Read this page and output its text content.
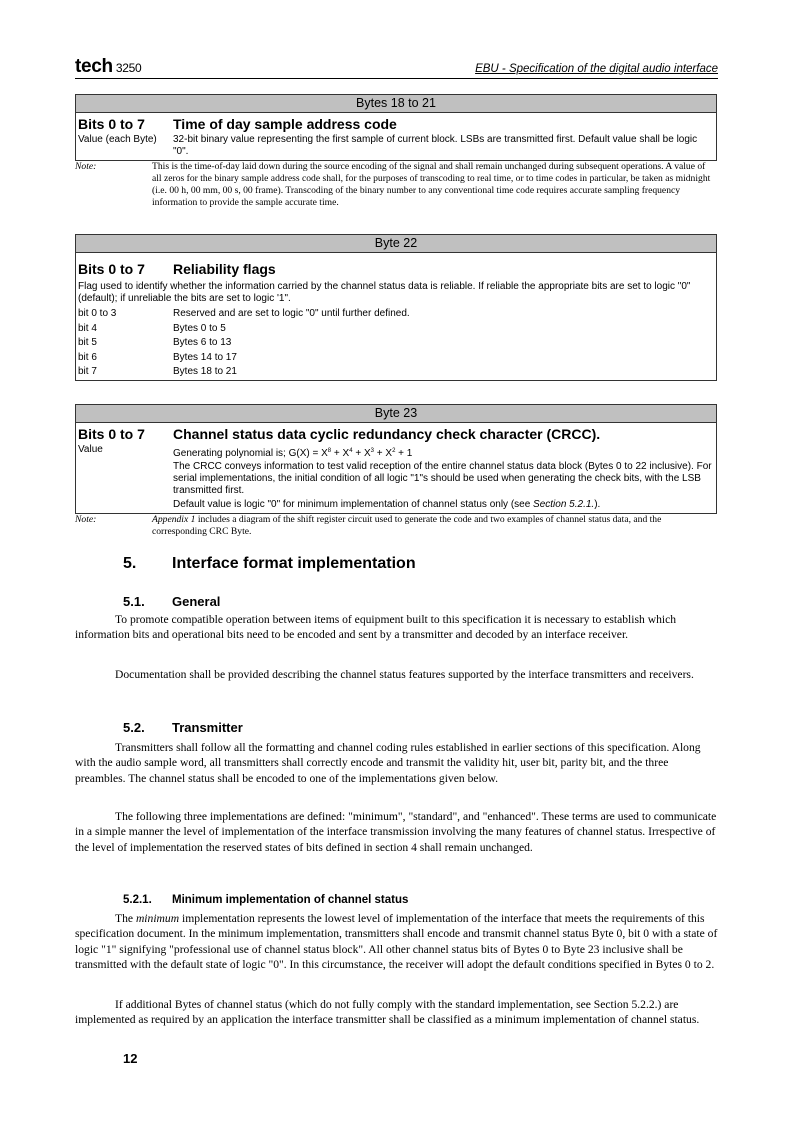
tech 3250	EBU - Specification of the digital audio interface
Bytes 18 to 21
Bits 0 to 7	Time of day sample address code
Value (each Byte)	32-bit binary value representing the first sample of current block. LSBs are transmitted first. Default value shall be logic "0".
Note:	This is the time-of-day laid down during the source encoding of the signal and shall remain unchanged during subsequent operations. A value of all zeros for the binary sample address code shall, for the purposes of transcoding to real time, or to time codes in particular, be taken as midnight (i.e. 00 h, 00 mm, 00 s, 00 frame). Transcoding of the binary number to any conventional time code requires accurate sampling frequency information to provide the sample accurate time.
Byte 22
Bits 0 to 7	Reliability flags
Flag used to identify whether the information carried by the channel status data is reliable. If reliable the appropriate bits are set to logic "0" (default); if unreliable the bits are set to logic '1".
bit 0 to 3	Reserved and are set to logic "0" until further defined.
bit 4	Bytes 0 to 5
bit 5	Bytes 6 to 13
bit 6	Bytes 14 to 17
bit 7	Bytes 18 to 21
Byte 23
Bits 0 to 7	Channel status data cyclic redundancy check character (CRCC).
Value	Generating polynomial is; $G(X) = X^8 + X^4 + X^3 + X^2 + 1$
The CRCC conveys information to test valid reception of the entire channel status data block (Bytes 0 to 22 inclusive). For serial implementations, the initial condition of all logic "1"s should be used when generating the check bits, with the LSB transmitted first.
Default value is logic "0" for minimum implementation of channel status only (see Section 5.2.1.).
Note:	Appendix 1 includes a diagram of the shift register circuit used to generate the code and two examples of channel status data, and the corresponding CRC Byte.
5. Interface format implementation
5.1. General
To promote compatible operation between items of equipment built to this specification it is necessary to establish which information bits and operational bits need to be encoded and sent by a transmitter and decoded by an interface receiver.
Documentation shall be provided describing the channel status features supported by the interface transmitters and receivers.
5.2. Transmitter
Transmitters shall follow all the formatting and channel coding rules established in earlier sections of this specification. Along with the audio sample word, all transmitters shall correctly encode and transmit the validity hit, user bit, parity bit, and the three preambles. The channel status shall be encoded to one of the implementations given below.
The following three implementations are defined: "minimum", "standard", and "enhanced". These terms are used to communicate in a simple manner the level of implementation of the interface transmission involving the many features of channel status. Irrespective of the level of implementation the reserved states of bits defined in section 4 shall remain unchanged.
5.2.1. Minimum implementation of channel status
The minimum implementation represents the lowest level of implementation of the interface that meets the requirements of this specification document. In the minimum implementation, transmitters shall encode and transmit channel status Byte 0, bit 0 with a state of logic "1" signifying "professional use of channel status block". All other channel status bits of Bytes 0 to Byte 23 inclusive shall be transmitted with the default state of logic "0". In this circumstance, the receiver will adopt the default conditions specified in Bytes 0 to 2.
If additional Bytes of channel status (which do not fully comply with the standard implementation, see Section 5.2.2.) are implemented as required by an application the interface transmitter shall be classified as a minimum implementation of channel status.
12
